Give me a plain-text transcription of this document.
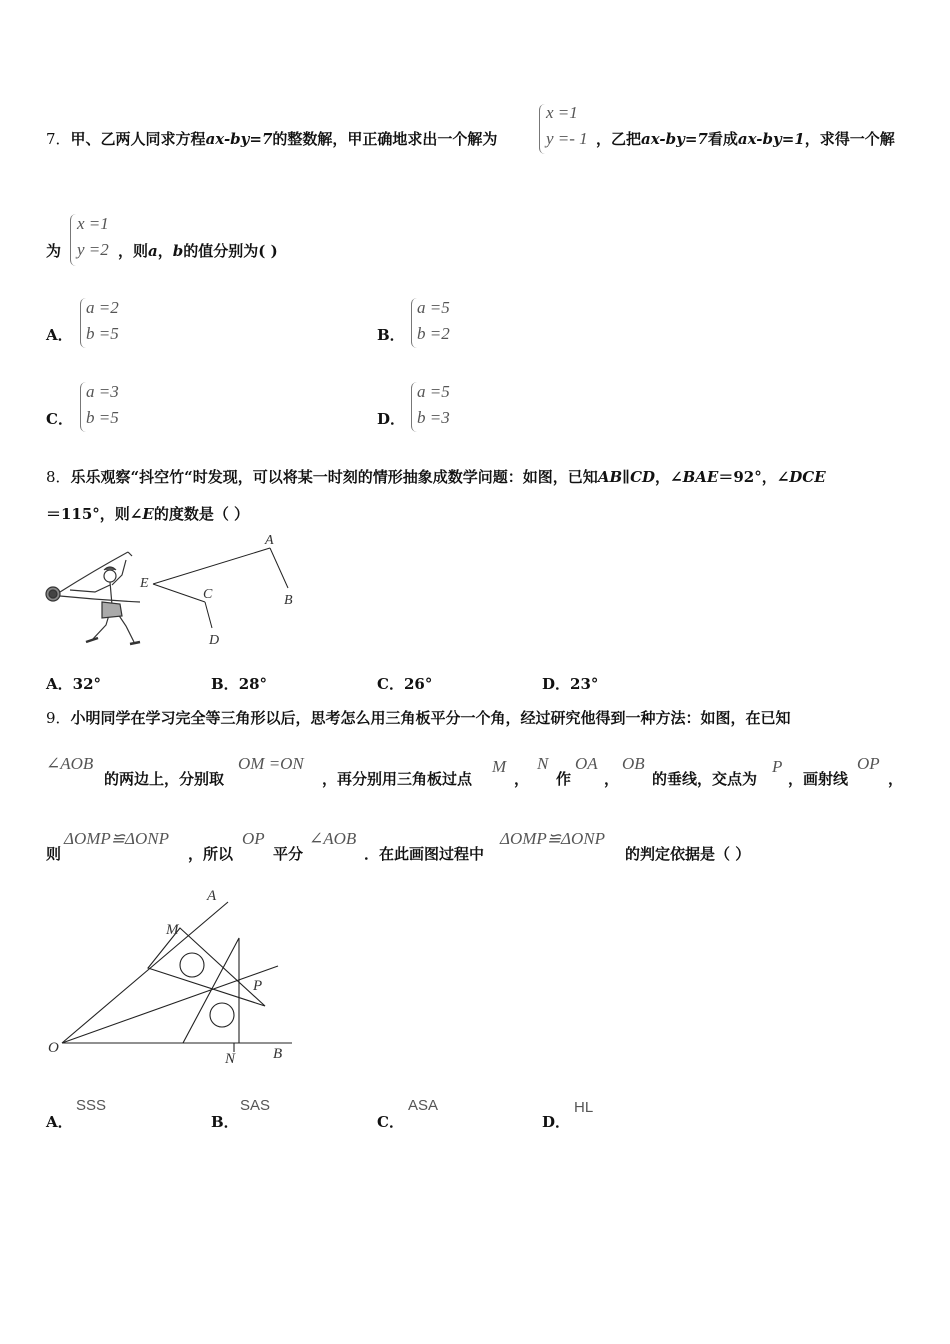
7．甲、乙两人同求方程ax-by=7的整数解，甲正确地求出一个解为
x =1
y =- 1 ，乙把ax-by=7看成ax-by=1，求得一个解
为
x =1
y =2 ，则a，b的值分别为( )
A．
a =2
b =5	B．
a =5
b =2
C．
a =3
b =5	D．
a =5
b =3
8．乐乐观察“抖空竹“时发现，可以将某一时刻的情形抽象成数学问题：如图，已知AB∥CD，∠BAE＝92°，∠DCE
＝115°，则∠E的度数是（ ）
A
B
C
D
E
A．32°	B．28°	C．26°	D．23°
9．小明同学在学习完全等三角形以后，思考怎么用三角板平分一个角，经过研究他得到一种方法：如图，在已知
∠AOB
的两边上，分别取
OM =ON
，再分别用三角板过点
M
，
N
作
OA
，
OB
的垂线，交点为
P
，画射线
OP
，
则
ΔOMP≌ΔONP
，所以
OP
平分
∠AOB
．在此画图过程中
ΔOMP≌ΔONP
的判定依据是（ ）
A
M
P
O
N	B
A．
SSS
B．
SAS
C．
ASA
D．
HL
